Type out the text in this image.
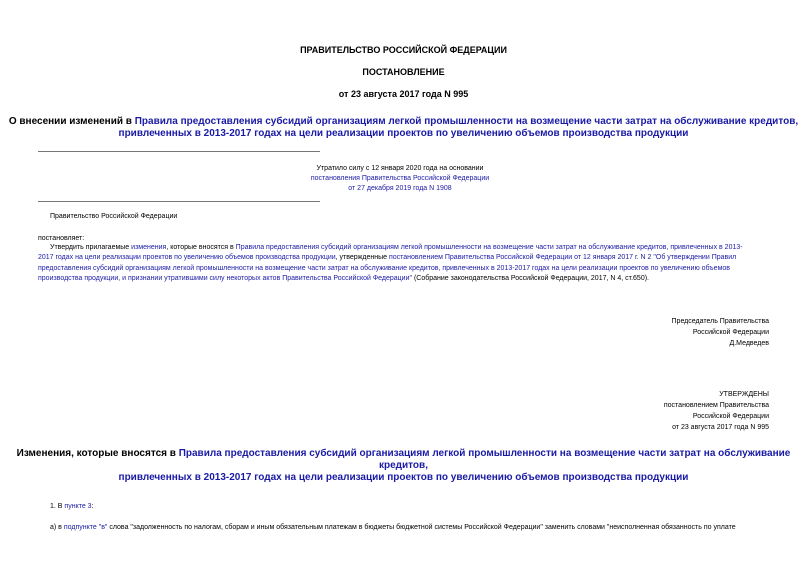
ПРАВИТЕЛЬСТВО РОССИЙСКОЙ ФЕДЕРАЦИИ
ПОСТАНОВЛЕНИЕ
от 23 августа 2017 года N 995
О внесении изменений в Правила предоставления субсидий организациям легкой промышленности на возмещение части затрат на обслуживание кредитов,
привлеченных в 2013-2017 годах на цели реализации проектов по увеличению объемов производства продукции
Утратило силу с 12 января 2020 года на основании
постановления Правительства Российской Федерации
от 27 декабря 2019 года N 1908
Правительство Российской Федерации
постановляет:
Утвердить прилагаемые изменения, которые вносятся в Правила предоставления субсидий организациям легкой промышленности на возмещение части затрат на обслуживание кредитов, привлеченных в 2013-
2017 годах на цели реализации проектов по увеличению объемов производства продукции, утвержденные постановлением Правительства Российской Федерации от 12 января 2017 г. N 2 "Об утверждении Правил
предоставления субсидий организациям легкой промышленности на возмещение части затрат на обслуживание кредитов, привлеченных в 2013-2017 годах на цели реализации проектов по увеличению объемов
производства продукции, и признании утратившими силу некоторых актов Правительства Российской Федерации" (Собрание законодательства Российской Федерации, 2017, N 4, ст.650).
Председатель Правительства
Российской Федерации
Д.Медведев
УТВЕРЖДЕНЫ
постановлением Правительства
Российской Федерации
от 23 августа 2017 года N 995
Изменения, которые вносятся в Правила предоставления субсидий организациям легкой промышленности на возмещение части затрат на обслуживание кредитов,
привлеченных в 2013-2017 годах на цели реализации проектов по увеличению объемов производства продукции
1. В пункте 3:
а) в подпункте "в" слова "задолженность по налогам, сборам и иным обязательным платежам в бюджеты бюджетной системы Российской Федерации" заменить словами "неисполненная обязанность по уплате
